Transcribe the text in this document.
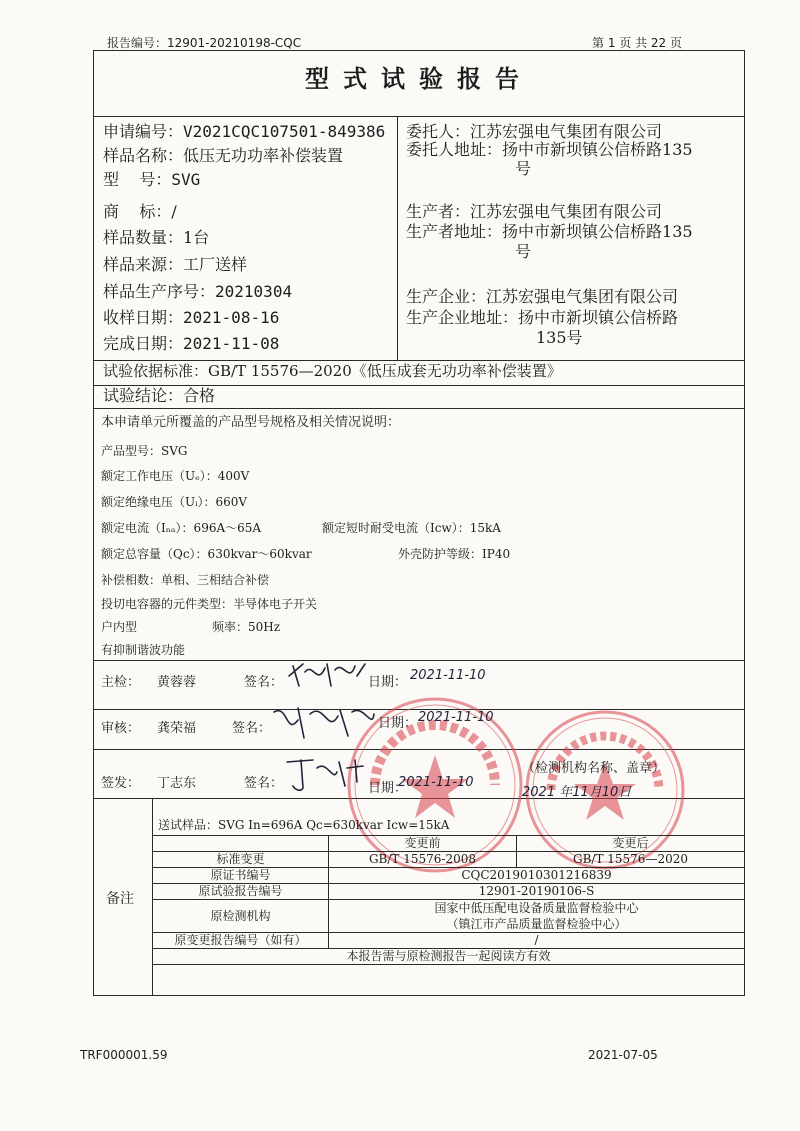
报告编号：12901-20210198-CQC	第 1 页 共 22 页
型式试验报告
申请编号：V2021CQC107501-849386
样品名称：低压无功功率补偿装置
型    号：SVG
商    标：/
样品数量：1台
样品来源：工厂送样
样品生产序号：20210304
收样日期：2021-08-16
完成日期：2021-11-08
委托人：江苏宏强电气集团有限公司
委托人地址：扬中市新坝镇公信桥路135
号
生产者：江苏宏强电气集团有限公司
生产者地址：扬中市新坝镇公信桥路135
号
生产企业：江苏宏强电气集团有限公司
生产企业地址：扬中市新坝镇公信桥路
135号
试验依据标准：GB/T 15576—2020《低压成套无功功率补偿装置》
试验结论：合格
本申请单元所覆盖的产品型号规格及相关情况说明：
产品型号：SVG
额定工作电压（Uₑ）：400V
额定绝缘电压（Uᵢ）：660V
额定电流（Iₙₐ）：696A～65A	额定短时耐受电流（Icw）：15kA
额定总容量（Qc）：630kvar～60kvar	外壳防护等级：IP40
补偿相数：单相、三相结合补偿
投切电容器的元件类型：半导体电子开关
户内型	频率：50Hz
有抑制谐波功能
主检： 黄蓉蓉	签名：	日期： 2021-11-10
审核： 龚荣福	签名：	日期： 2021-11-10
签发： 丁志东	签名：	日期：
2021-11-10
（检测机构名称、盖章）
2021 年11月10日
备注
送试样品：SVG In=696A Qc=630kvar Icw=15kA
	变更前	变更后
标准变更	GB/T 15576-2008	GB/T 15576—2020
原证书编号	CQC2019010301216839	
原试验报告编号	12901-20190106-S	
原检测机构	国家中低压配电设备质量监督检验中心
（镇江市产品质量监督检验中心）	

原变更报告编号（如有）	/	
本报告需与原检测报告一起阅读方有效		
TRF000001.59	2021-07-05
